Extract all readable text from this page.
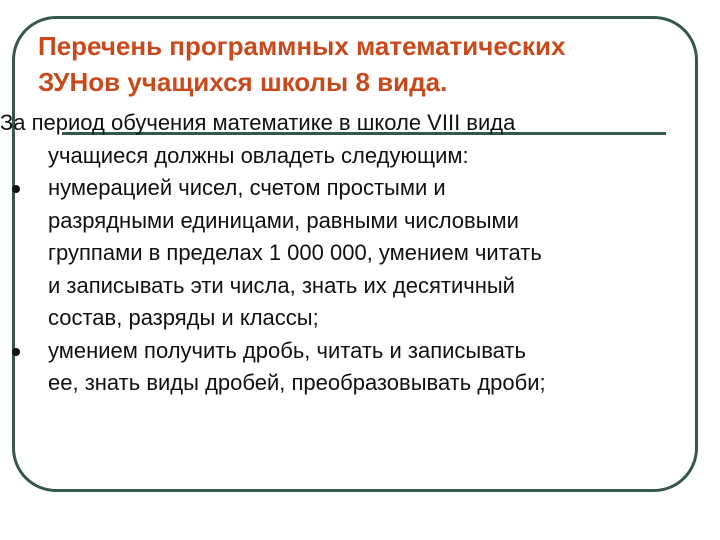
Перечень программных математических
ЗУНов учащихся школы 8 вида.
За период обучения математике в школе VIII вида
учащиеся должны овладеть следующим:
нумерацией чисел, счетом простыми и
разрядными единицами, равными числовыми
группами в пределах 1 000 000, умением читать
и записывать эти числа, знать их десятичный
состав, разряды и классы;
умением получить дробь, читать и записывать
ее, знать виды дробей, преобразовывать дроби;
